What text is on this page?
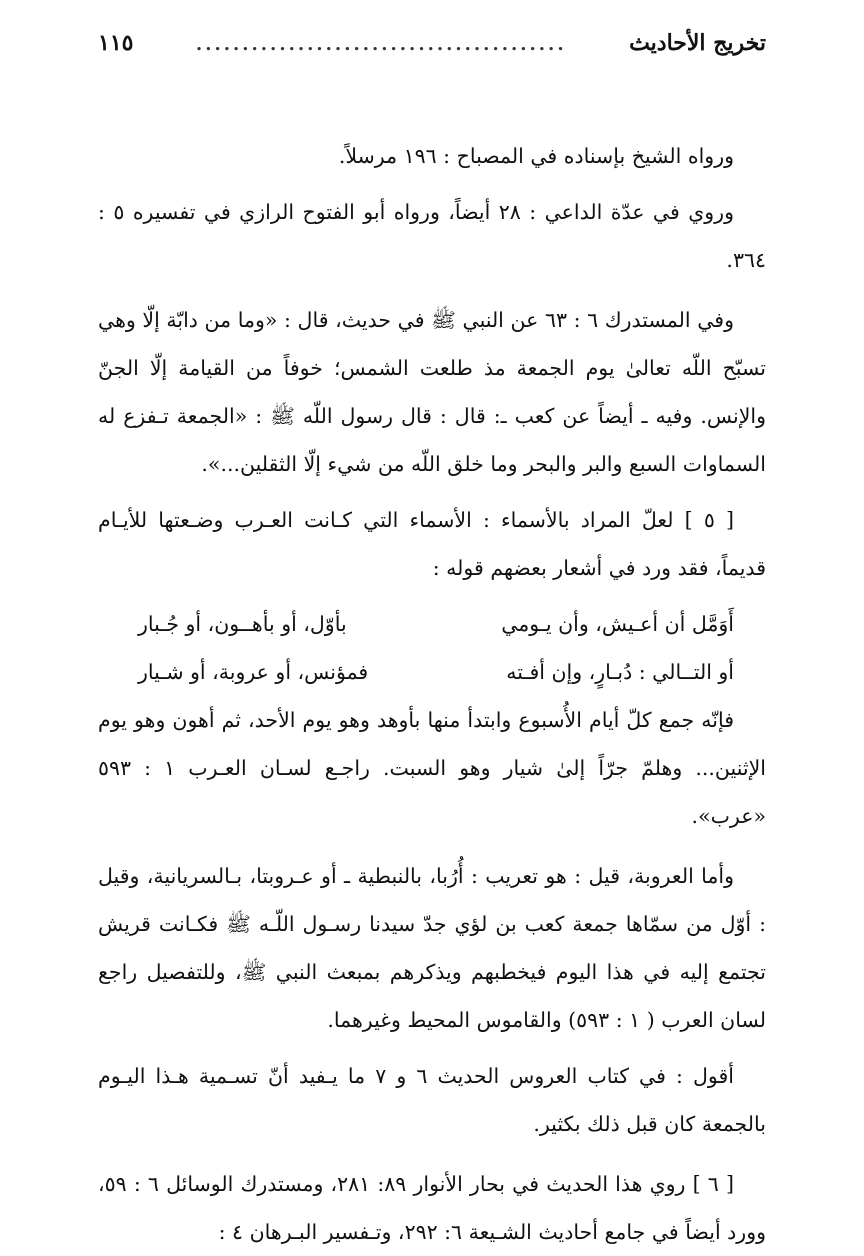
تخريج الأحاديث
........................................
١١٥

ورواه الشيخ بإسناده في المصباح : ١٩٦ مرسلاً.

وروي في عدّة الداعي : ٢٨ أيضاً، ورواه أبو الفتوح الرازي في تفسيره ٥ : ٣٦٤.

وفي المستدرك ٦ : ٦٣ عن النبي ﷺ في حديث، قال : «وما من دابّة إلّا وهي تسبّح اللّه تعالىٰ يوم الجمعة مذ طلعت الشمس؛ خوفاً من القيامة إلّا الجنّ والإنس. وفيه ـ أيضاً عن كعب ـ: قال : قال رسول اللّه ﷺ : «الجمعة تـفزع له السماوات السبع والبر والبحر وما خلق اللّه من شيء إلّا الثقلين...».

[ ٥ ] لعلّ المراد بالأسماء : الأسماء التي كـانت العـرب وضـعتها للأيـام قديماً، فقد ورد في أشعار بعضهم قوله :

أَوَمَّل أن أعـيش، وأن يـومي
بأوّل، أو بأهــون، أو جُـبار
أو التــالي : دُبـارٍ، وإن أفـته
فمؤنس، أو عروبة، أو شـيار

فإنّه جمع كلّ أيام الأُسبوع وابتدأ منها بأوهد وهو يوم الأحد، ثم أهون وهو يوم الإثنين... وهلمّ جرّاً إلىٰ شيار وهو السبت. راجـع لسـان العـرب ١ : ٥٩٣ «عرب».

وأما العروبة، قيل : هو تعريب : أُرُبا، بالنبطية ـ أو عـروبتا، بـالسريانية، وقيل : أوّل من سمّاها جمعة كعب بن لؤي جدّ سيدنا رسـول اللّـه ﷺ فكـانت قريش تجتمع إليه في هذا اليوم فيخطبهم ويذكرهم بمبعث النبي ﷺ، وللتفصيل راجع لسان العرب ( ١ : ٥٩٣) والقاموس المحيط وغيرهما.

أقول : في كتاب العروس الحديث ٦ و ٧ ما يـفيد أنّ تسـمية هـذا اليـوم بالجمعة كان قبل ذلك بكثير.

[ ٦ ] روي هذا الحديث في بحار الأنوار ٨٩: ٢٨١، ومستدرك الوسائل ٦ : ٥٩، وورد أيضاً في جامع أحاديث الشـيعة ٦: ٢٩٢، وتـفسير البـرهان ٤ :
